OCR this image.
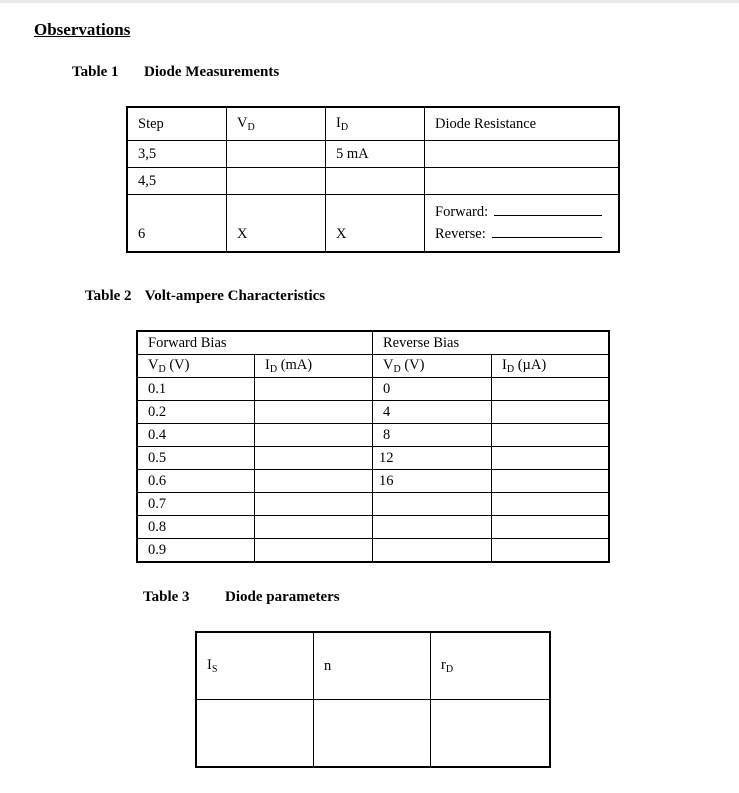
Observations
Table 1 Diode Measurements
Step	$V_D$	$I_D$	Diode Resistance
3,5		5 mA	
4,5			
6	X	X	Forward:
Reverse:
Table 2 Volt-ampere Characteristics
Forward Bias		Reverse Bias	
$V_D$ (V)	$I_D$ (mA)	$V_D$ (V)	$I_D$ (µA)
0.1		0	
0.2		4	
0.4		8	
0.5		12	
0.6		16	
0.7			
0.8			
0.9			
Table 3 Diode parameters
$I_S$	n	$r_D$
